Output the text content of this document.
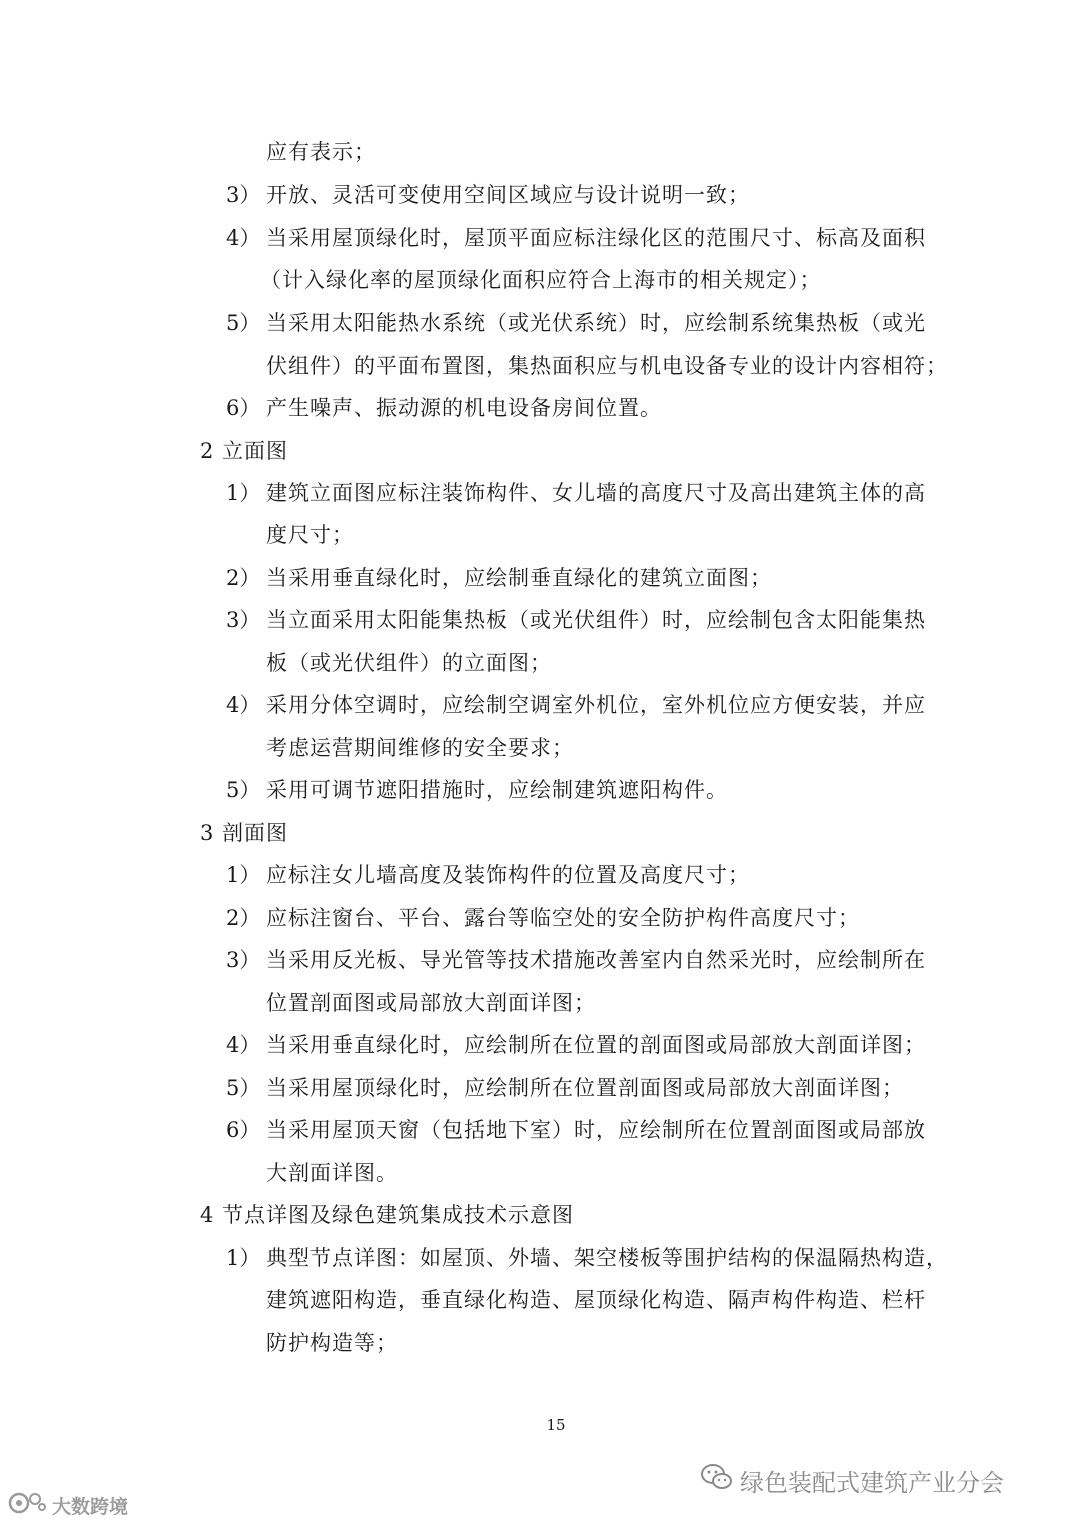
应有表示；
3） 开放、灵活可变使用空间区域应与设计说明一致；
4） 当采用屋顶绿化时，屋顶平面应标注绿化区的范围尺寸、标高及面积
（计入绿化率的屋顶绿化面积应符合上海市的相关规定）；
5） 当采用太阳能热水系统（或光伏系统）时，应绘制系统集热板（或光
伏组件）的平面布置图，集热面积应与机电设备专业的设计内容相符；
6） 产生噪声、振动源的机电设备房间位置。
2 立面图
1） 建筑立面图应标注装饰构件、女儿墙的高度尺寸及高出建筑主体的高
度尺寸；
2） 当采用垂直绿化时，应绘制垂直绿化的建筑立面图；
3） 当立面采用太阳能集热板（或光伏组件）时，应绘制包含太阳能集热
板（或光伏组件）的立面图；
4） 采用分体空调时，应绘制空调室外机位，室外机位应方便安装，并应
考虑运营期间维修的安全要求；
5） 采用可调节遮阳措施时，应绘制建筑遮阳构件。
3 剖面图
1） 应标注女儿墙高度及装饰构件的位置及高度尺寸；
2） 应标注窗台、平台、露台等临空处的安全防护构件高度尺寸；
3） 当采用反光板、导光管等技术措施改善室内自然采光时，应绘制所在
位置剖面图或局部放大剖面详图；
4） 当采用垂直绿化时，应绘制所在位置的剖面图或局部放大剖面详图；
5） 当采用屋顶绿化时，应绘制所在位置剖面图或局部放大剖面详图；
6） 当采用屋顶天窗（包括地下室）时，应绘制所在位置剖面图或局部放
大剖面详图。
4 节点详图及绿色建筑集成技术示意图
1） 典型节点详图：如屋顶、外墙、架空楼板等围护结构的保温隔热构造，
建筑遮阳构造，垂直绿化构造、屋顶绿化构造、隔声构件构造、栏杆
防护构造等；
15
绿色装配式建筑产业分会
大数跨境
